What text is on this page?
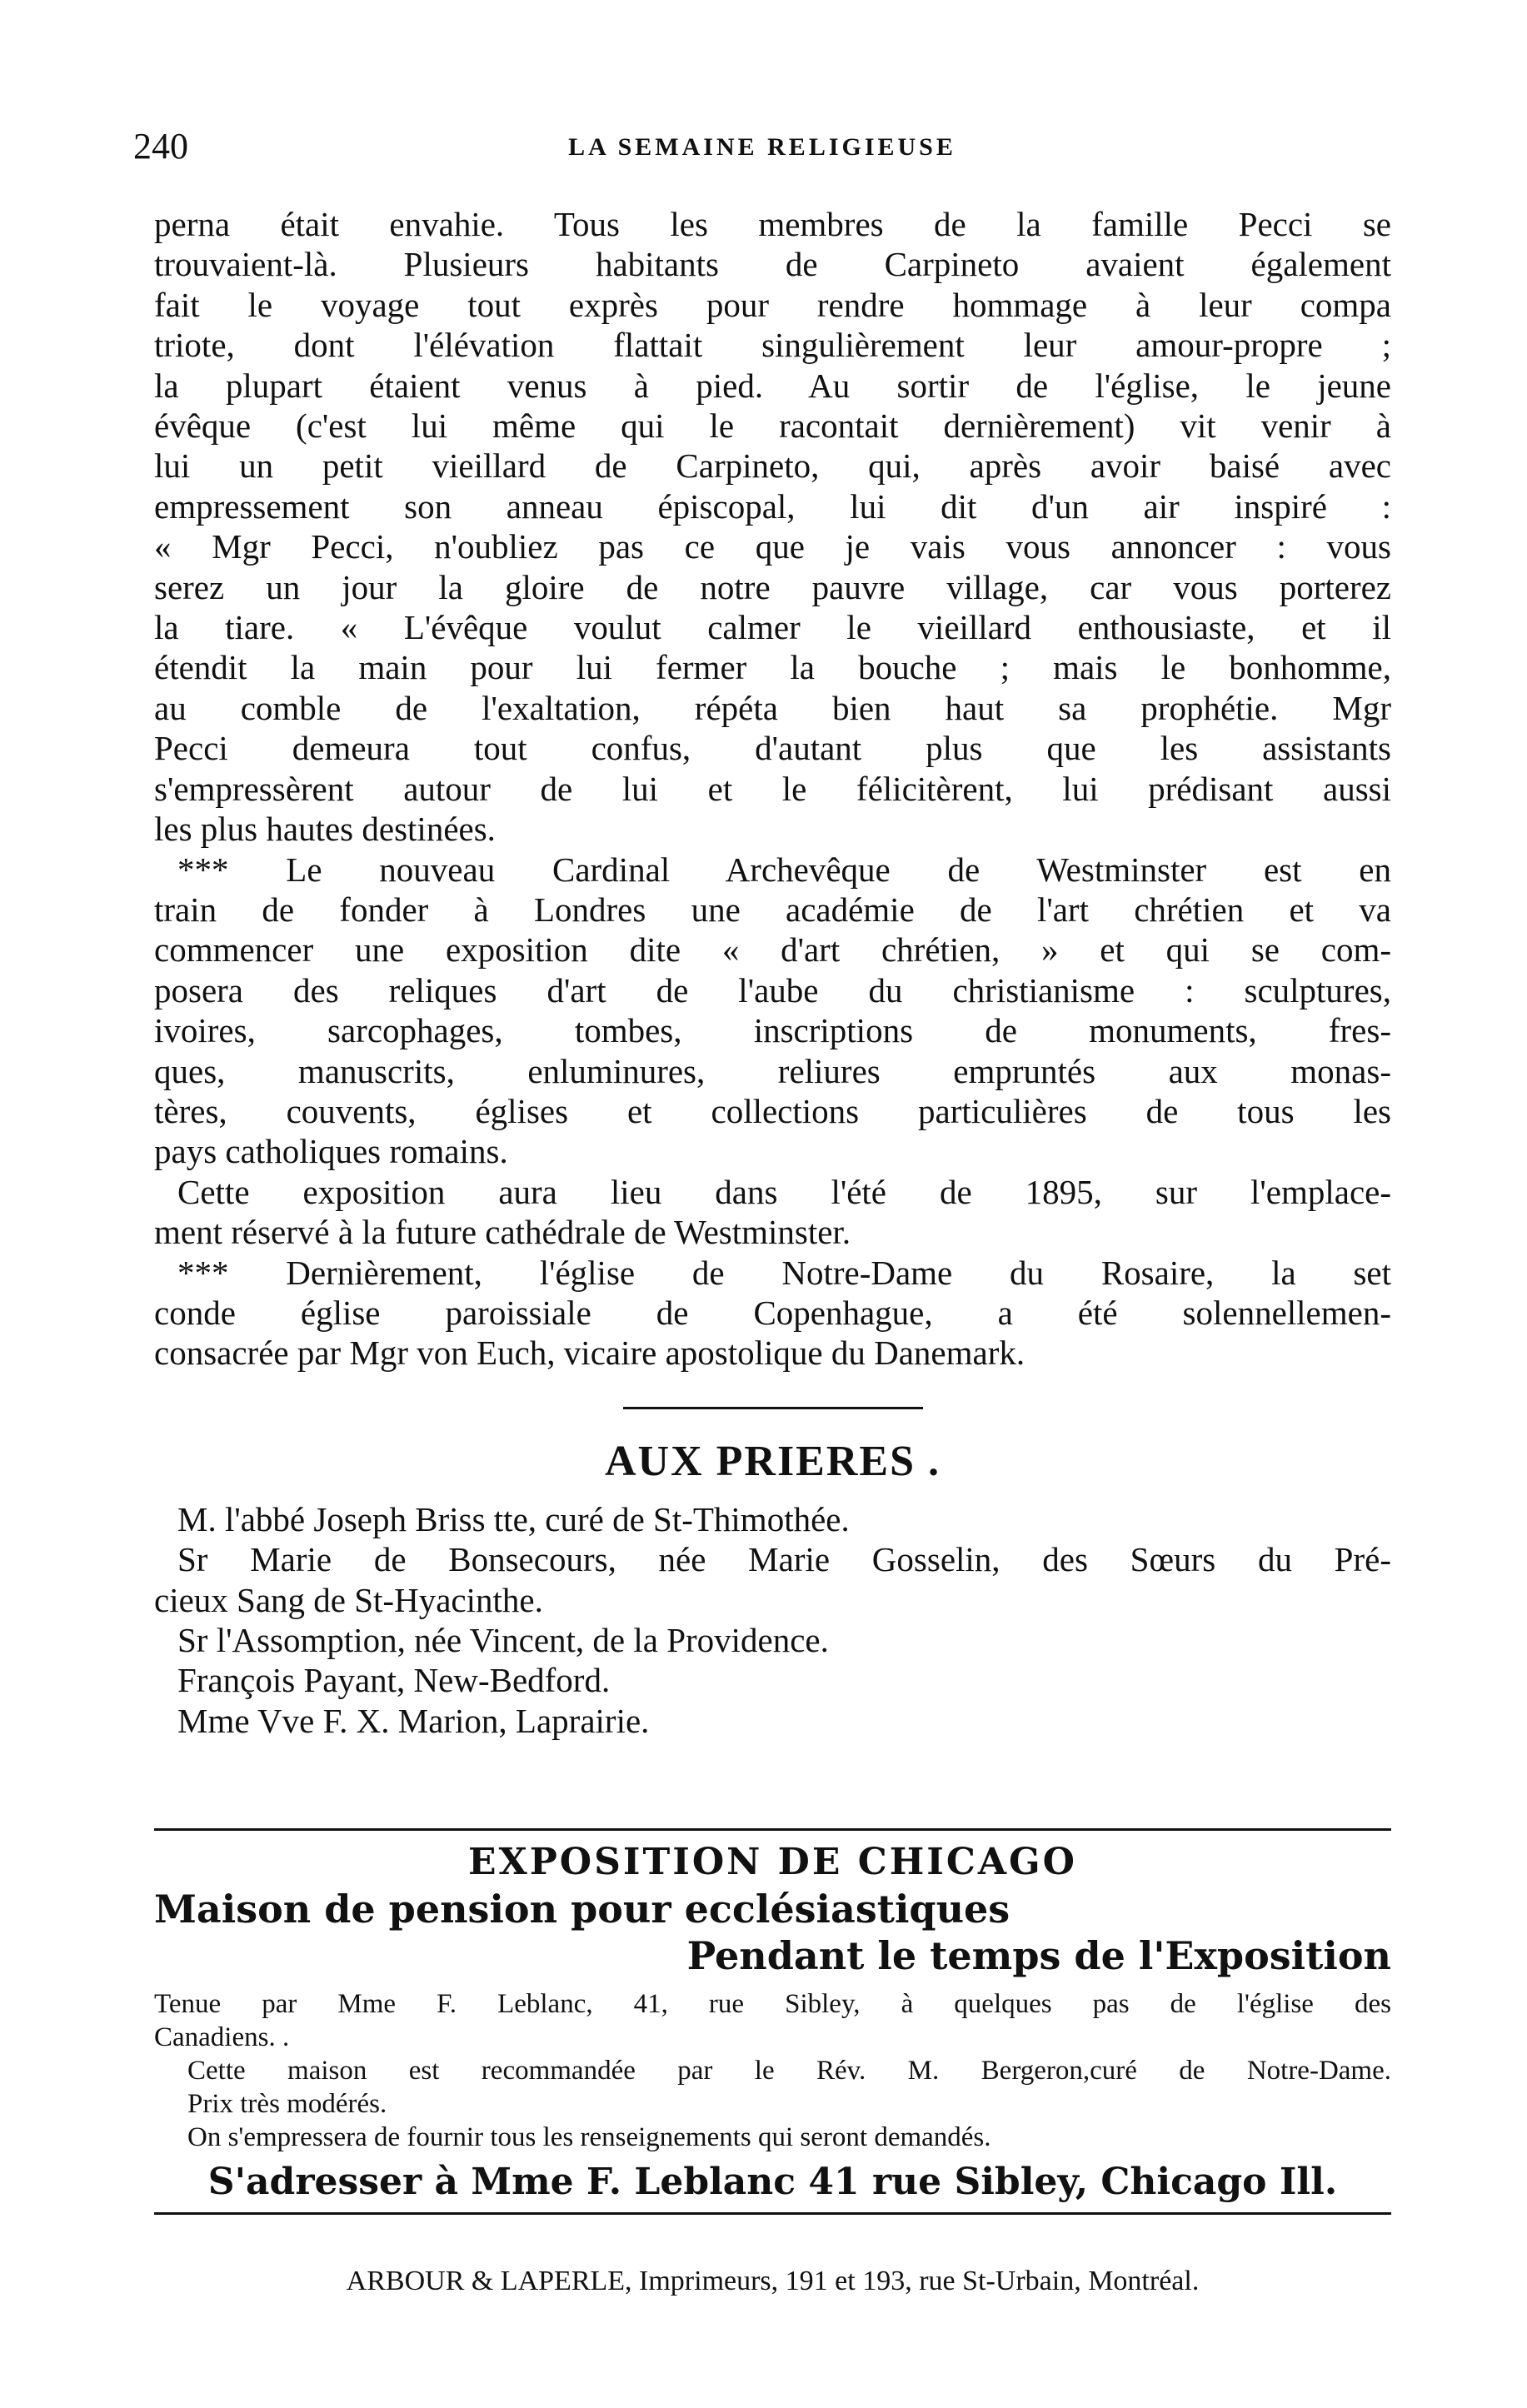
240	LA SEMAINE RELIGIEUSE
perna était envahie. Tous les membres de la famille Pecci se
trouvaient-là. Plusieurs habitants de Carpineto avaient également
fait le voyage tout exprès pour rendre hommage à leur compa
triote, dont l'élévation flattait singulièrement leur amour-propre ;
la plupart étaient venus à pied. Au sortir de l'église, le jeune
évêque (c'est lui même qui le racontait dernièrement) vit venir à
lui un petit vieillard de Carpineto, qui, après avoir baisé avec
empressement son anneau épiscopal, lui dit d'un air inspiré :
« Mgr Pecci, n'oubliez pas ce que je vais vous annoncer : vous
serez un jour la gloire de notre pauvre village, car vous porterez
la tiare. « L'évêque voulut calmer le vieillard enthousiaste, et il
étendit la main pour lui fermer la bouche ; mais le bonhomme,
au comble de l'exaltation, répéta bien haut sa prophétie. Mgr
Pecci demeura tout confus, d'autant plus que les assistants
s'empressèrent autour de lui et le félicitèrent, lui prédisant aussi
les plus hautes destinées.
*** Le nouveau Cardinal Archevêque de Westminster est en
train de fonder à Londres une académie de l'art chrétien et va
commencer une exposition dite « d'art chrétien, » et qui se com-
posera des reliques d'art de l'aube du christianisme : sculptures,
ivoires, sarcophages, tombes, inscriptions de monuments, fres-
ques, manuscrits, enluminures, reliures empruntés aux monas-
tères, couvents, églises et collections particulières de tous les
pays catholiques romains.
Cette exposition aura lieu dans l'été de 1895, sur l'emplace-
ment réservé à la future cathédrale de Westminster.
*** Dernièrement, l'église de Notre-Dame du Rosaire, la set
conde église paroissiale de Copenhague, a été solennellemen-
consacrée par Mgr von Euch, vicaire apostolique du Danemark.
AUX PRIERES .
M. l'abbé Joseph Briss tte, curé de St-Thimothée.
Sr Marie de Bonsecours, née Marie Gosselin, des Sœurs du Pré-
cieux Sang de St-Hyacinthe.
Sr l'Assomption, née Vincent, de la Providence.
François Payant, New-Bedford.
Mme Vve F. X. Marion, Laprairie.
EXPOSITION DE CHICAGO
Maison de pension pour ecclésiastiques
Pendant le temps de l'Exposition
Tenue par Mme F. Leblanc, 41, rue Sibley, à quelques pas de l'église des
Canadiens. .
Cette maison est recommandée par le Rév. M. Bergeron,curé de Notre-Dame.
Prix très modérés.
On s'empressera de fournir tous les renseignements qui seront demandés.
S'adresser à Mme F. Leblanc 41 rue Sibley, Chicago Ill.
ARBOUR & LAPERLE, Imprimeurs, 191 et 193, rue St-Urbain, Montréal.
